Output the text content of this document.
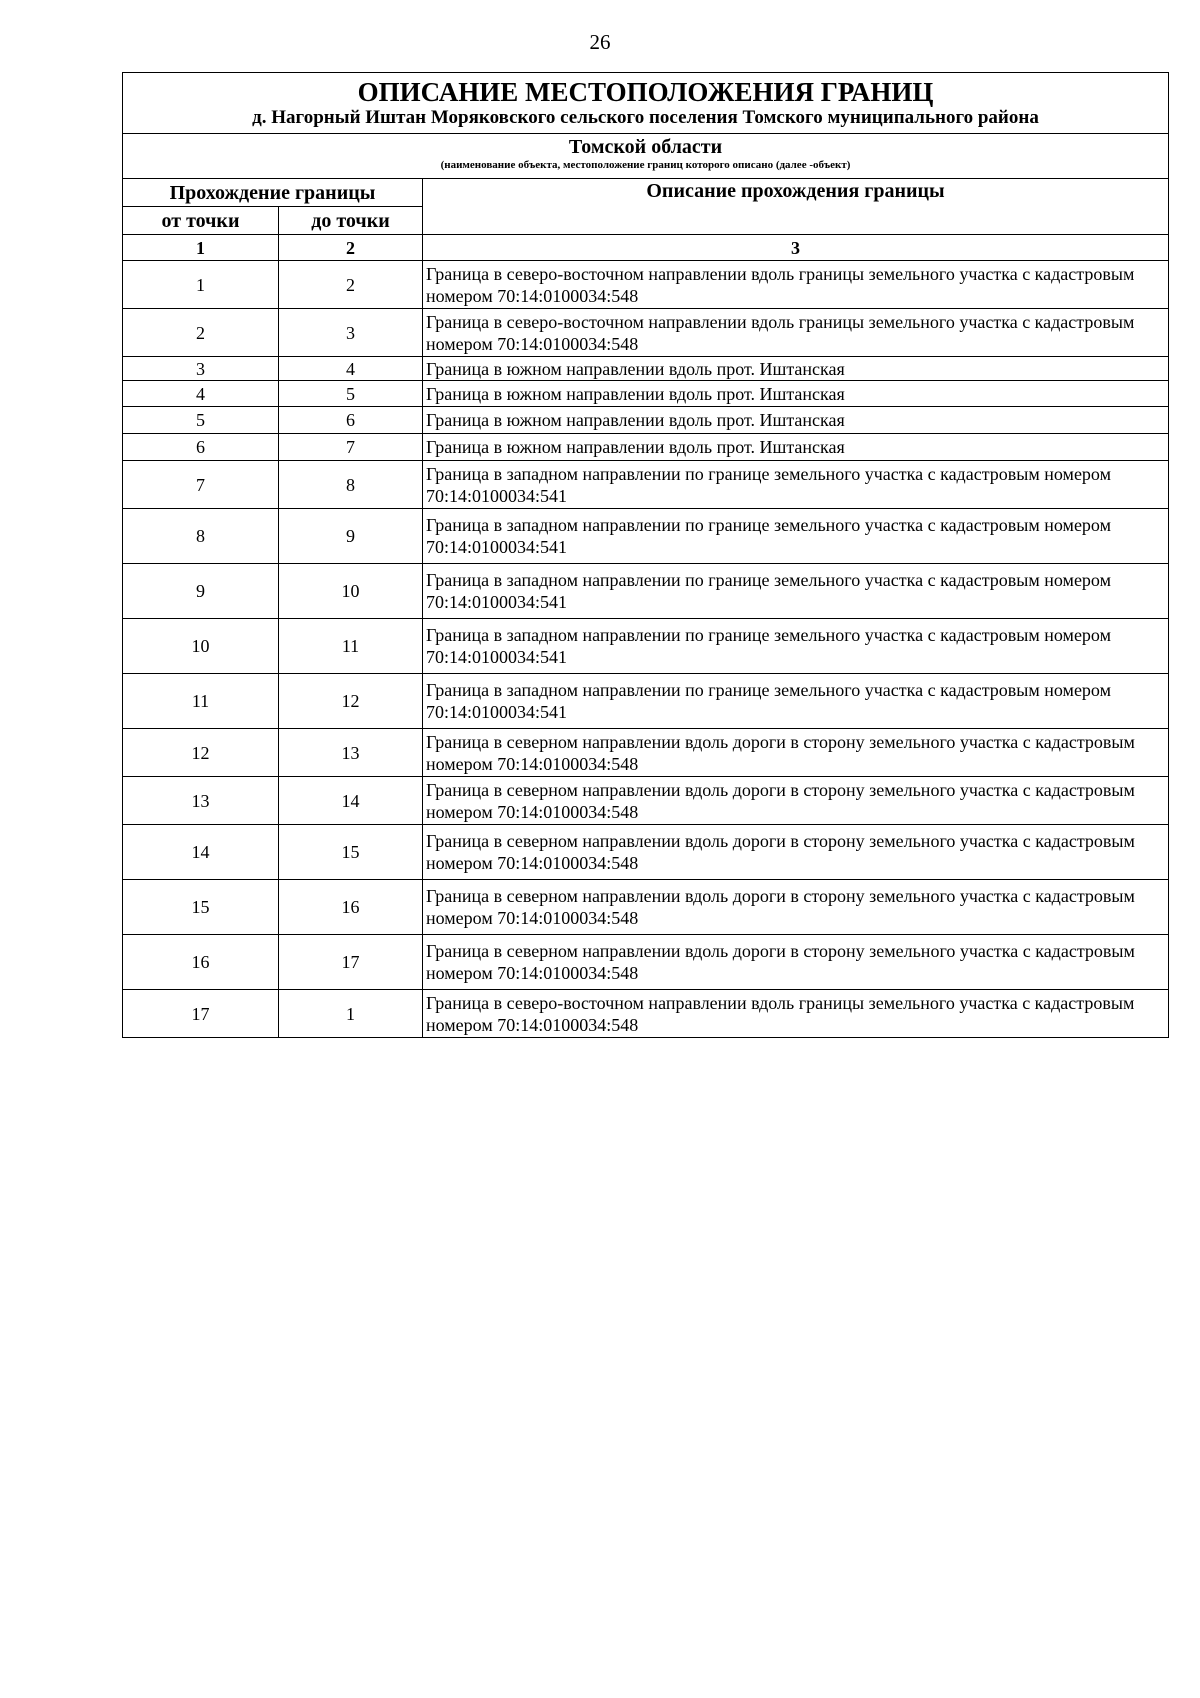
26
ОПИСАНИЕ МЕСТОПОЛОЖЕНИЯ ГРАНИЦ
д. Нагорный Иштан Моряковского сельского поселения Томского муниципального района		

Томской области
(наименование объекта, местоположение границ которого описано (далее -объект)		

Прохождение границы		Описание прохождения границы
от точки	до точки	
1	2	3
1	2	Граница в северо-восточном направлении вдоль границы земельного участка с кадастровым номером 70:14:0100034:548
2	3	Граница в северо-восточном направлении вдоль границы земельного участка с кадастровым номером 70:14:0100034:548
3	4	Граница в южном направлении вдоль прот. Иштанская
4	5	Граница в южном направлении вдоль прот. Иштанская
5	6	Граница в южном направлении вдоль прот. Иштанская
6	7	Граница в южном направлении вдоль прот. Иштанская
7	8	Граница в западном направлении по границе земельного участка с кадастровым номером 70:14:0100034:541
8	9	Граница в западном направлении по границе земельного участка с кадастровым номером 70:14:0100034:541
9	10	Граница в западном направлении по границе земельного участка с кадастровым номером 70:14:0100034:541
10	11	Граница в западном направлении по границе земельного участка с кадастровым номером 70:14:0100034:541
11	12	Граница в западном направлении по границе земельного участка с кадастровым номером 70:14:0100034:541
12	13	Граница в северном направлении вдоль дороги в сторону земельного участка с кадастровым номером 70:14:0100034:548
13	14	Граница в северном направлении вдоль дороги в сторону земельного участка с кадастровым номером 70:14:0100034:548
14	15	Граница в северном направлении вдоль дороги в сторону земельного участка с кадастровым номером 70:14:0100034:548
15	16	Граница в северном направлении вдоль дороги в сторону земельного участка с кадастровым номером 70:14:0100034:548
16	17	Граница в северном направлении вдоль дороги в сторону земельного участка с кадастровым номером 70:14:0100034:548
17	1	Граница в северо-восточном направлении вдоль границы земельного участка с кадастровым номером 70:14:0100034:548
